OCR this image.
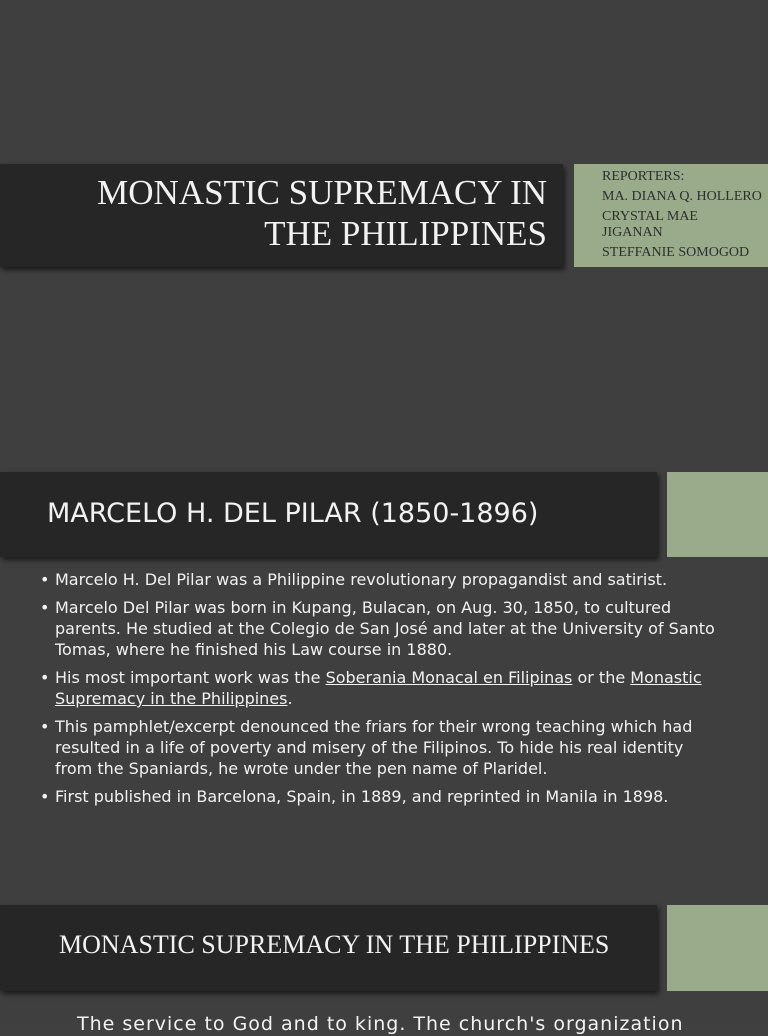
MONASTIC SUPREMACY IN THE PHILIPPINES
REPORTERS:
MA. DIANA Q. HOLLERO
CRYSTAL MAE JIGANAN
STEFFANIE SOMOGOD
MARCELO H. DEL PILAR (1850-1896)
• Marcelo H. Del Pilar was a Philippine revolutionary propagandist and satirist.
• Marcelo Del Pilar was born in Kupang, Bulacan, on Aug. 30, 1850, to cultured parents. He studied at the Colegio de San José and later at the University of Santo Tomas, where he finished his Law course in 1880.
• His most important work was the Soberania Monacal en Filipinas or the Monastic Supremacy in the Philippines.
• This pamphlet/excerpt denounced the friars for their wrong teaching which had resulted in a life of poverty and misery of the Filipinos. To hide his real identity from the Spaniards, he wrote under the pen name of Plaridel.
• First published in Barcelona, Spain, in 1889, and reprinted in Manila in 1898.
MONASTIC SUPREMACY IN THE PHILIPPINES

The service to God and to king. The church's organization
